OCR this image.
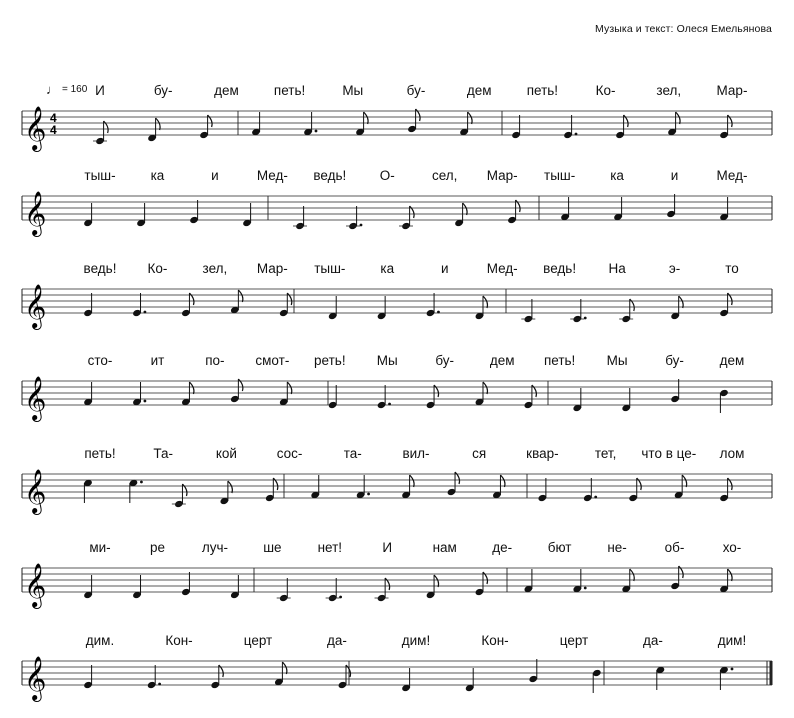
Музыка и текст: Олеся Емельянова
♩ = 160
𝄞 4
4
И	бу-	дем	петь!	Мы	бу-	дем	петь!	Ко-	зел,	Мар-
𝄞
тыш-	ка	и	Мед- ведь! О-	сел, Мар- тыш-	ка	и	Мед-
𝄞
ведь! Ко-	зел, Мар- тыш-	ка	и	Мед- ведь! На	э-	то
𝄞
сто-	ит	по- смот- реть! Мы	бу-	дем петь! Мы	бу-	дем
𝄞
петь!	Та-	кой	сос-	та-	вил-	ся	квар-	тет, что в це- лом
𝄞
ми-	ре	луч-	ше	нет!	И	нам	де-	бют	не-	об-	хо-
𝄞
дим.	Кон-	церт	да-	дим!	Кон-	церт	да-	дим!
